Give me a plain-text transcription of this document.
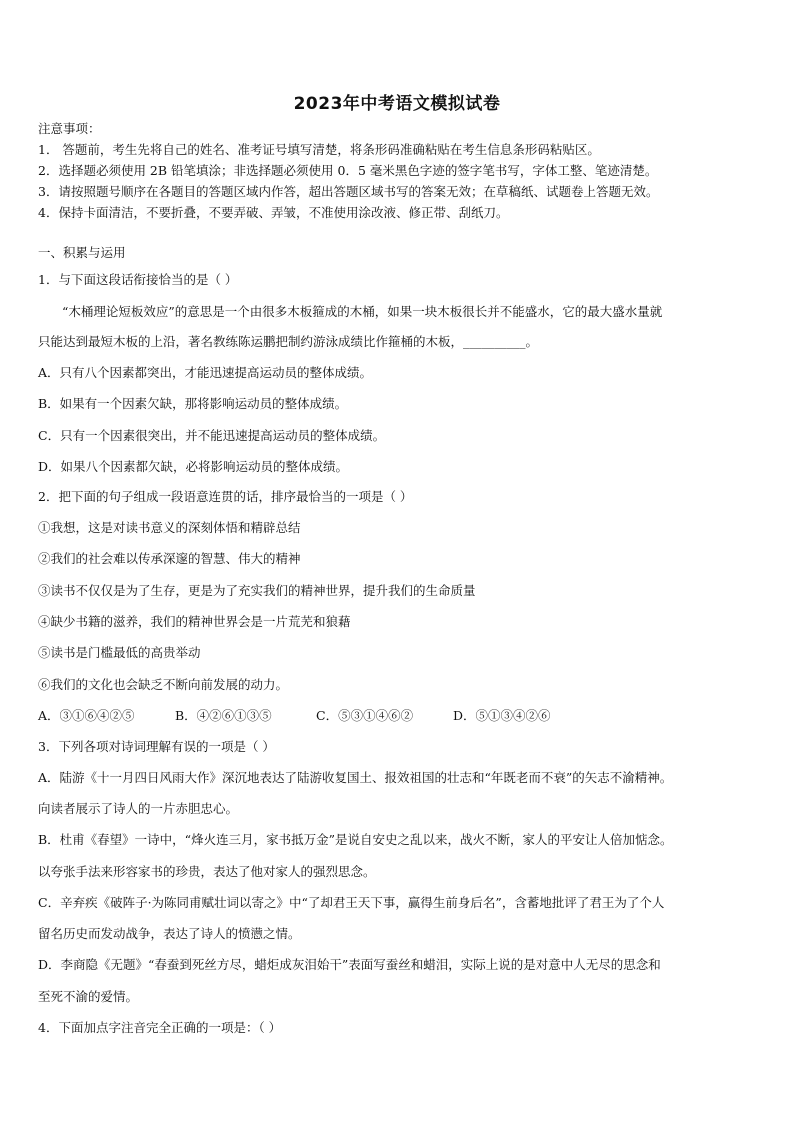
2023年中考语文模拟试卷
注意事项：
1． 答题前，考生先将自己的姓名、准考证号填写清楚，将条形码准确粘贴在考生信息条形码粘贴区。
2．选择题必须使用 2B 铅笔填涂；非选择题必须使用 0．5 毫米黑色字迹的签字笔书写，字体工整、笔迹清楚。
3．请按照题号顺序在各题目的答题区域内作答，超出答题区域书写的答案无效；在草稿纸、试题卷上答题无效。
4．保持卡面清洁，不要折叠，不要弄破、弄皱，不准使用涂改液、修正带、刮纸刀。
一、积累与运用
1．与下面这段话衔接恰当的是（ ）
“木桶理论短板效应”的意思是一个由很多木板箍成的木桶，如果一块木板很长并不能盛水，它的最大盛水量就
只能达到最短木板的上沿，著名教练陈运鹏把制约游泳成绩比作箍桶的木板，__________。
A．只有八个因素都突出，才能迅速提高运动员的整体成绩。
B．如果有一个因素欠缺，那将影响运动员的整体成绩。
C．只有一个因素很突出，并不能迅速提高运动员的整体成绩。
D．如果八个因素都欠缺，必将影响运动员的整体成绩。
2．把下面的句子组成一段语意连贯的话，排序最恰当的一项是（ ）
①我想，这是对读书意义的深刻体悟和精辟总结
②我们的社会难以传承深邃的智慧、伟大的精神
③读书不仅仅是为了生存，更是为了充实我们的精神世界，提升我们的生命质量
④缺少书籍的滋养，我们的精神世界会是一片荒芜和狼藉
⑤读书是门槛最低的高贵举动
⑥我们的文化也会缺乏不断向前发展的动力。
A．③①⑥④②⑤	B．④②⑥①③⑤	C．⑤③①④⑥②	D．⑤①③④②⑥
3．下列各项对诗词理解有误的一项是（ ）
A．陆游《十一月四日风雨大作》深沉地表达了陆游收复国土、报效祖国的壮志和“年既老而不衰”的矢志不渝精神。
向读者展示了诗人的一片赤胆忠心。
B．杜甫《春望》一诗中，“烽火连三月，家书抵万金”是说自安史之乱以来，战火不断，家人的平安让人倍加惦念。
以夸张手法来形容家书的珍贵，表达了他对家人的强烈思念。
C．辛弃疾《破阵子·为陈同甫赋壮词以寄之》中“了却君王天下事，赢得生前身后名”，含蓄地批评了君王为了个人
留名历史而发动战争，表达了诗人的愤懑之情。
D．李商隐《无题》“春蚕到死丝方尽，蜡炬成灰泪始干”表面写蚕丝和蜡泪，实际上说的是对意中人无尽的思念和
至死不渝的爱情。
4．下面加点字注音完全正确的一项是：（ ）
